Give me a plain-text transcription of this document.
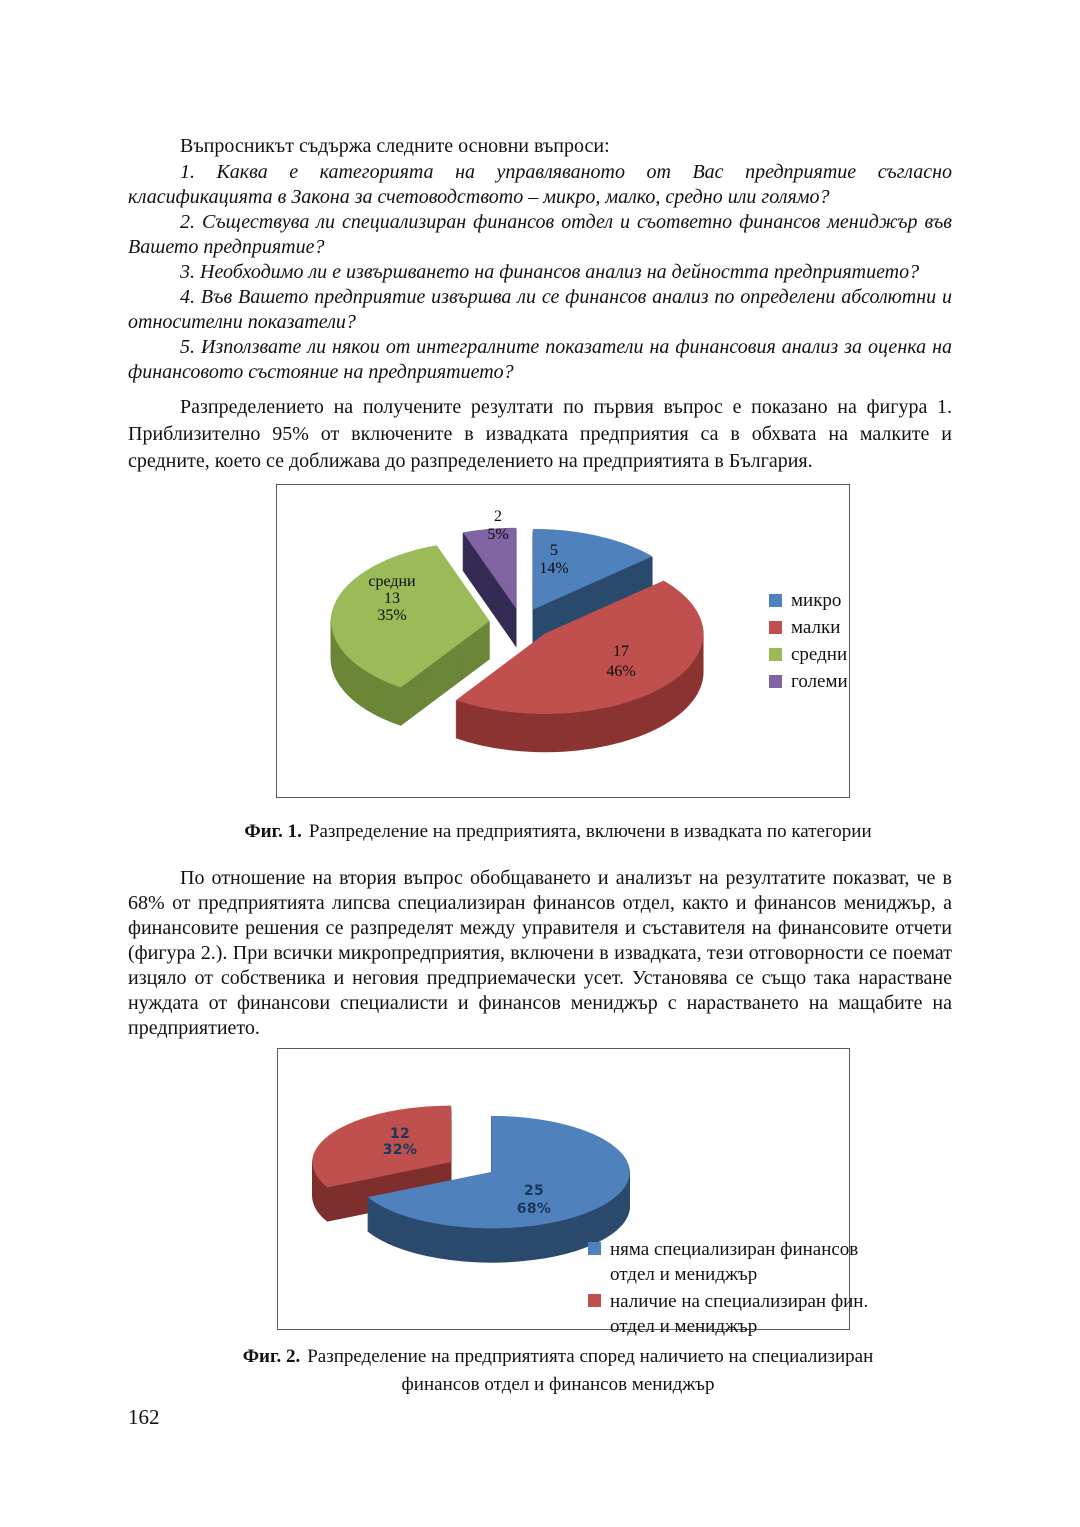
Въпросникът съдържа следните основни въпроси:
1. Каква е категорията на управляваното от Вас предприятие съгласно класификацията в Закона за счетоводството – микро, малко, средно или голямо?
2. Съществува ли специализиран финансов отдел и съответно финансов мениджър във Вашето предприятие?
3. Необходимо ли е извършването на финансов анализ на дейността предприятието?
4. Във Вашето предприятие извършва ли се финансов анализ по определени абсолютни и относителни показатели?
5. Използвате ли някои от интегралните показатели на финансовия анализ за оценка на финансовото състояние на предприятието?
Разпределението на получените резултати по първия въпрос е показано на фигура 1. Приблизително 95% от включените в извадката предприятия са в обхвата на малките и средните, което се доближава до разпределението на предприятията в България.
5 14%
17 46%
средни 13 35%
2 5%
микро
малки
средни
големи
Фиг. 1. Разпределение на предприятията, включени в извадката по категории
По отношение на втория въпрос обобщаването и анализът на резултатите показват, че в 68% от предприятията липсва специализиран финансов отдел, както и финансов мениджър, а финансовите решения се разпределят между управителя и съставителя на финансовите отчети (фигура 2.). При всички микропредприятия, включени в извадката, тези отговорности се поемат изцяло от собственика и неговия предприемачески усет. Установява се също така нарастване нуждата от финансови специалисти и финансов мениджър с нарастването на мащабите на предприятието.
25 68%
12 32%
няма специализиран финансов отдел и мениджър
наличие на специализиран фин. отдел и мениджър
Фиг. 2. Разпределение на предприятията според наличието на специализиран
финансов отдел и финансов мениджър
162
